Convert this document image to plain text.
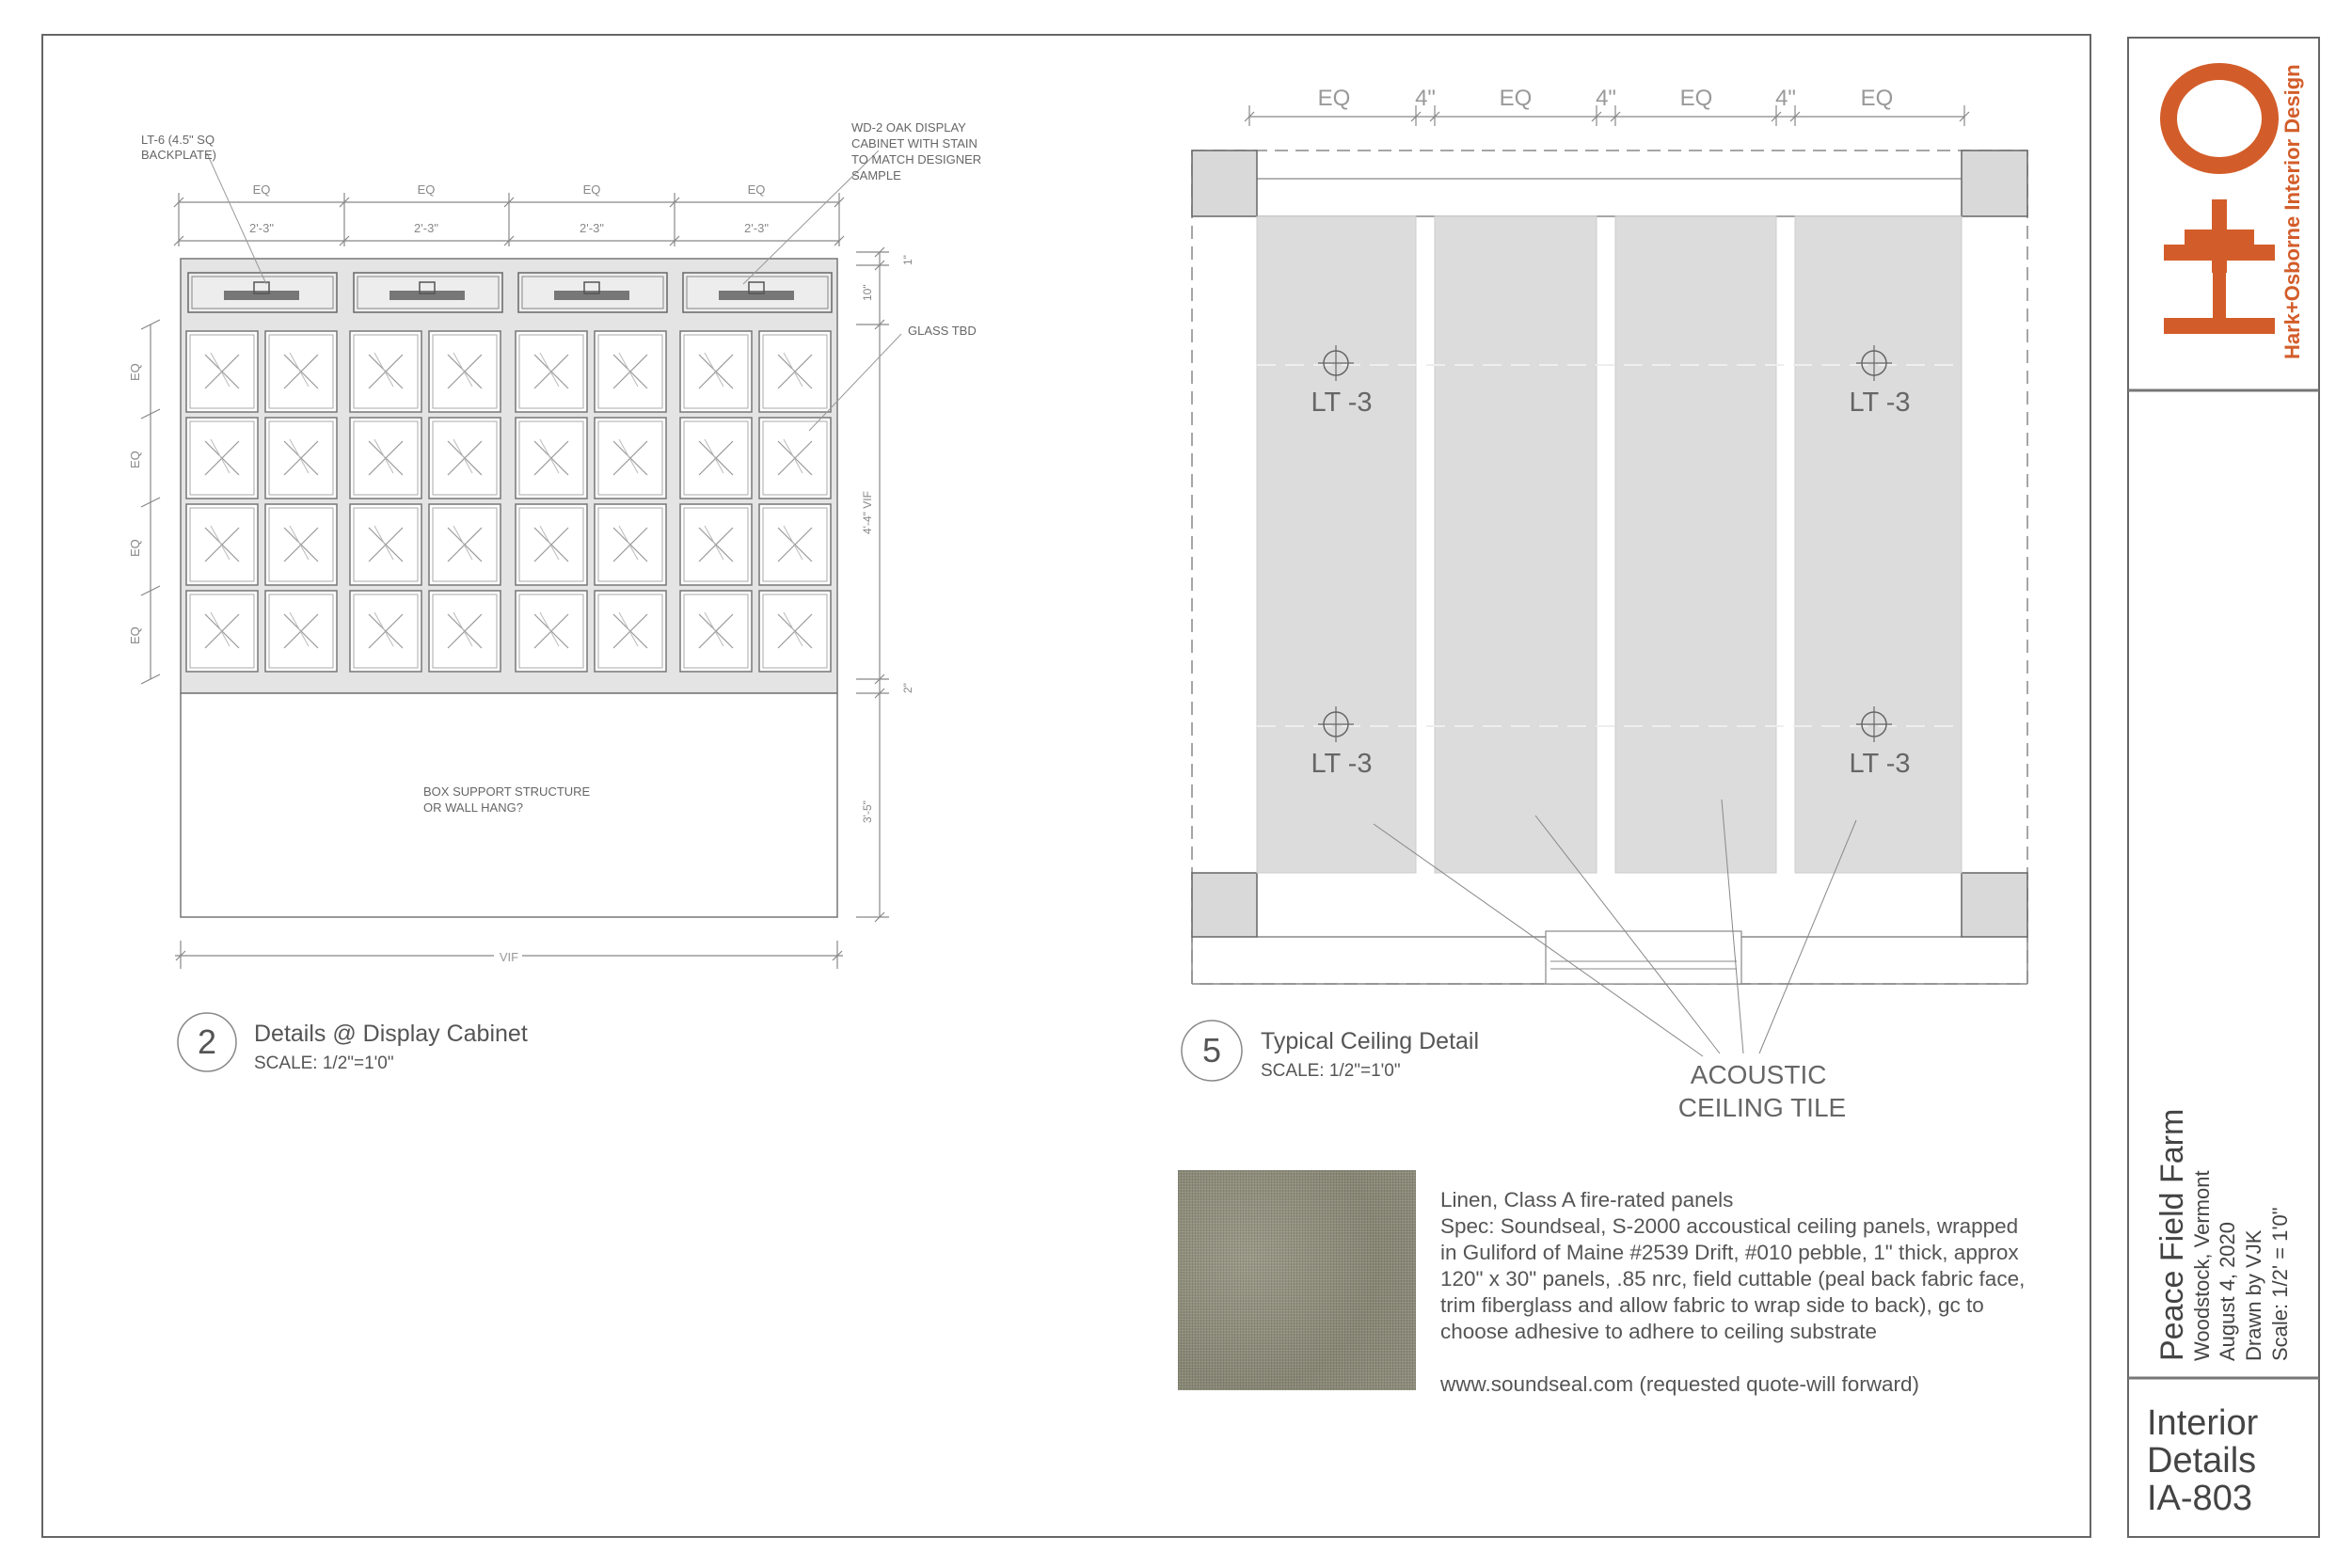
EQ	EQ	EQ	EQ
2'-3"	2'-3"	2'-3"	2'-3"
1"
10"
4'-4" VIF
2"
3'-5"
EQ
EQ
EQ
EQ
VIF
LT-6 (4.5" SQ BACKPLATE)
WD-2 OAK DISPLAY CABINET WITH STAIN TO MATCH DESIGNER SAMPLE
GLASS TBD
BOX SUPPORT STRUCTURE OR WALL HANG?
2 Details @ Display Cabinet
SCALE: 1/2"=1'0"
EQ	4"	EQ	4"	EQ	4"	EQ
LT -3	LT -3
LT -3	LT -3
ACOUSTIC CEILING TILE
5 Typical Ceiling Detail
SCALE: 1/2"=1'0"
Hark+Osborne Interior Design

Linen, Class A fire-rated panels

Spec: Soundseal, S-2000 accoustical ceiling panels, wrapped

in Guliford of Maine #2539 Drift, #010 pebble, 1" thick, approx

120" x 30" panels, .85 nrc, field cuttable (peal back fabric face,

trim fiberglass and allow fabric to wrap side to back), gc to

choose adhesive to adhere to ceiling substrate

www.soundseal.com (requested quote-will forward)

Peace Field Farm Woodstock, Vermont August 4, 2020 Drawn by VJK Scale: 1/2' = 1'0"
Interior
Details
IA-803
